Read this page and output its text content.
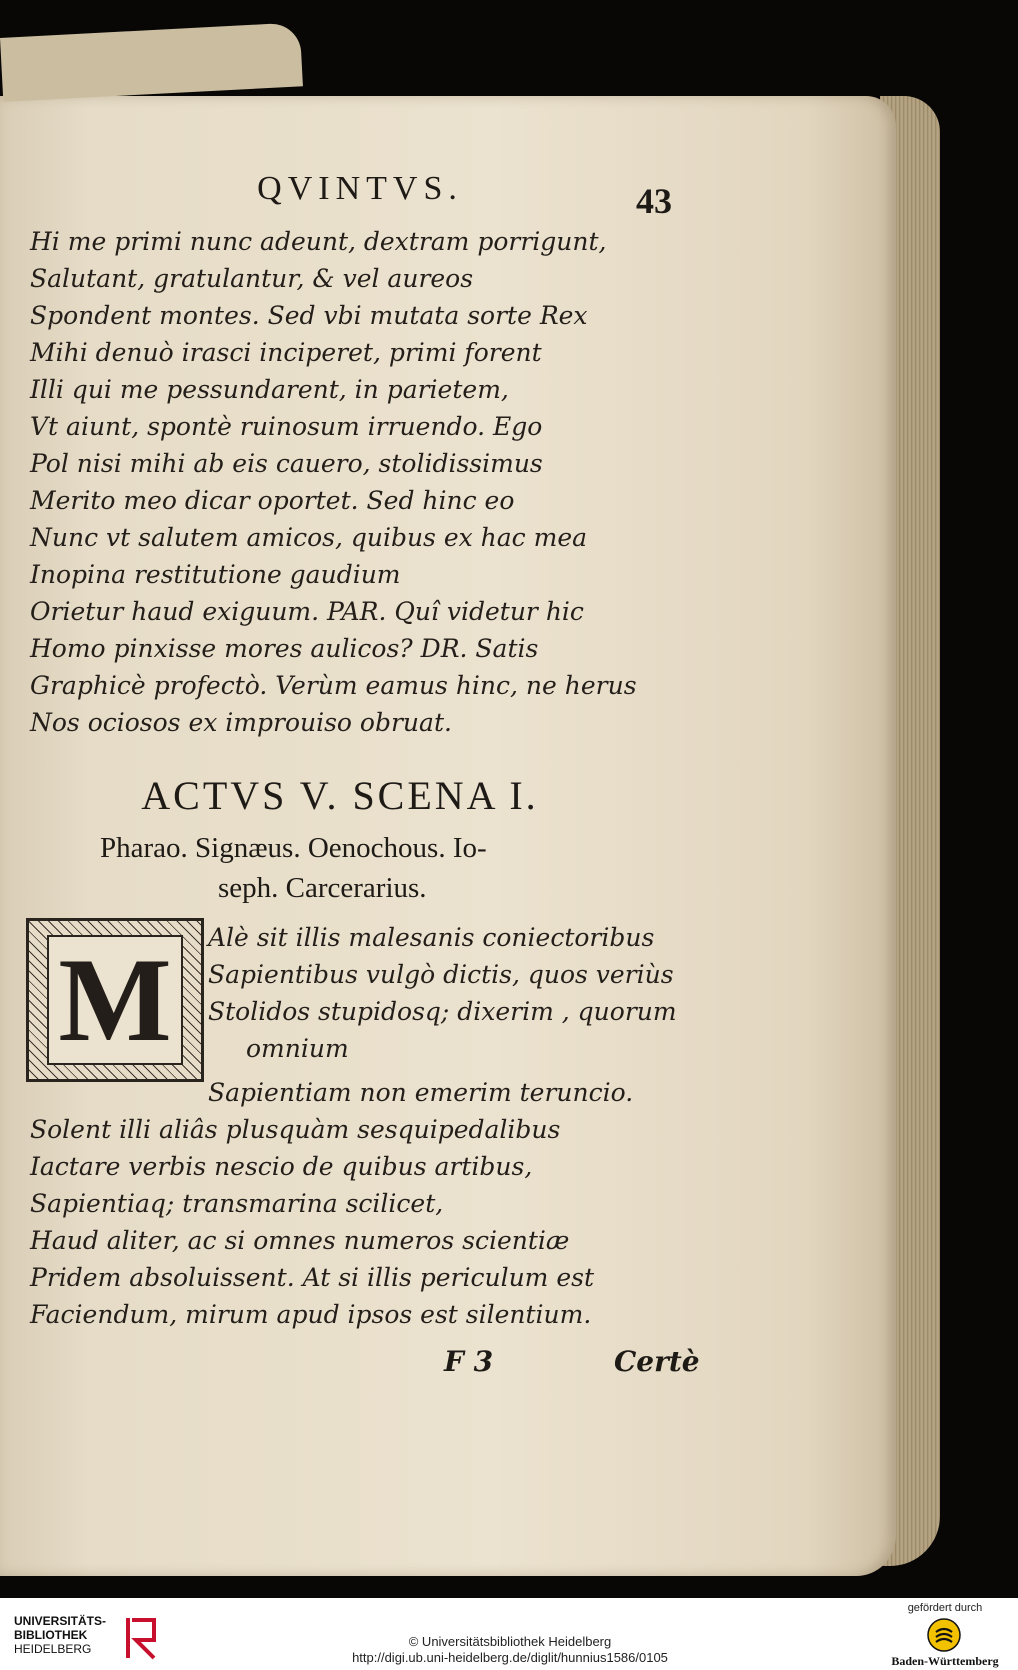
QVINTVS.	43
Hi me primi nunc adeunt, dextram porrigunt,
Salutant, gratulantur, & vel aureos
Spondent montes. Sed vbi mutata sorte Rex
Mihi denuò irasci inciperet, primi forent
Illi qui me pessundarent, in parietem,
Vt aiunt, spontè ruinosum irruendo. Ego
Pol nisi mihi ab eis cauero, stolidissimus
Merito meo dicar oportet. Sed hinc eo
Nunc vt salutem amicos, quibus ex hac mea
Inopina restitutione gaudium
Orietur haud exiguum. PAR. Quî videtur hic
Homo pinxisse mores aulicos? DR. Satis
Graphicè profectò. Verùm eamus hinc, ne herus
Nos ociosos ex improuiso obruat.
ACTVS V. SCENA I.
Pharao. Signæus. Oenochous. Io-
seph. Carcerarius.
M Alè sit illis malesanis coniectoribus
Sapientibus vulgò dictis, quos veriùs
Stolidos stupidosq; dixerim , quorum
omnium
Sapientiam non emerim teruncio.
Solent illi aliâs plusquàm sesquipedalibus
Iactare verbis nescio de quibus artibus,
Sapientiaq; transmarina scilicet,
Haud aliter, ac si omnes numeros scientiæ
Pridem absoluissent. At si illis periculum est
Faciendum, mirum apud ipsos est silentium.
F 3	Certè
UNIVERSITÄTS-
BIBLIOTHEK
HEIDELBERG	© Universitätsbibliothek Heidelberg
http://digi.ub.uni-heidelberg.de/diglit/hunnius1586/0105
gefördert durch
Baden-Württemberg
